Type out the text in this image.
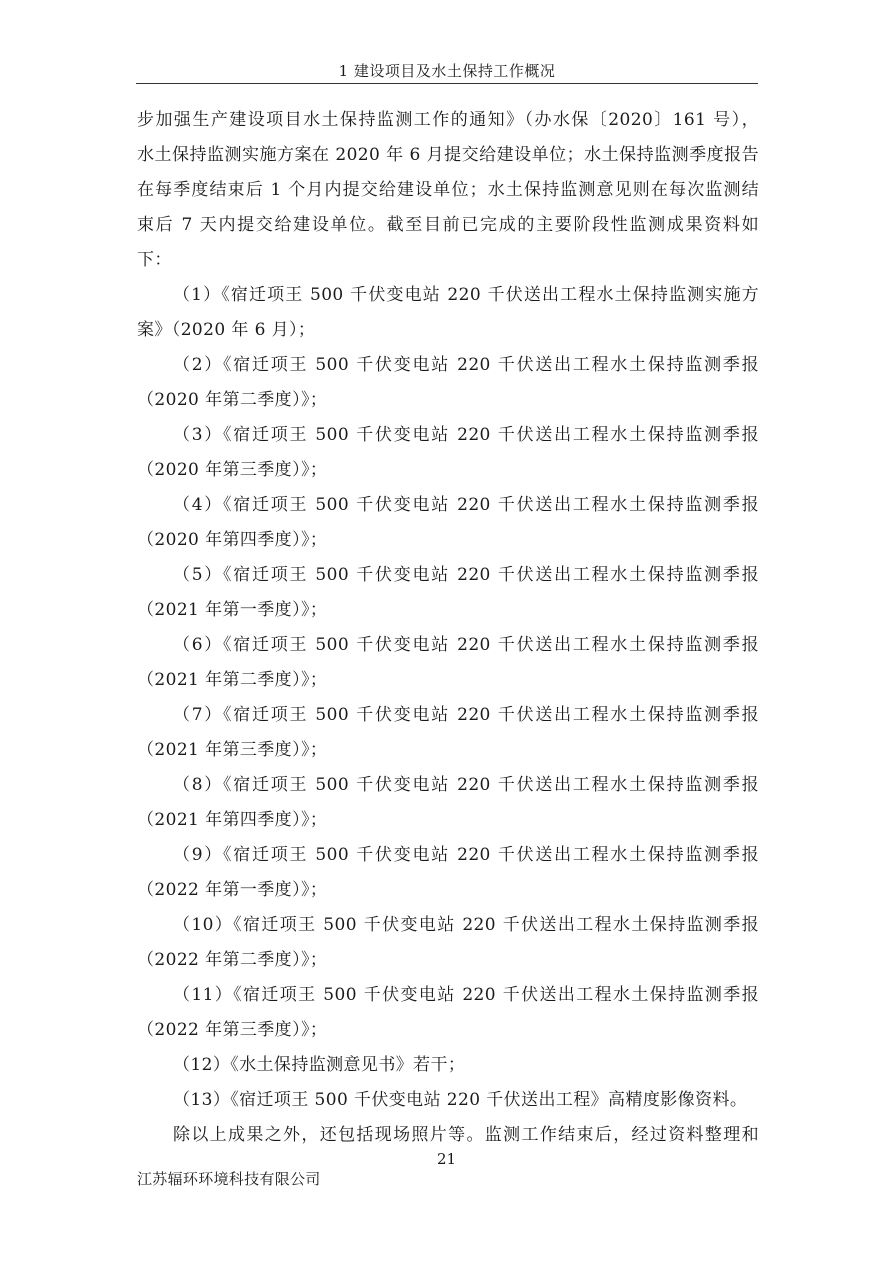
1 建设项目及水土保持工作概况
步加强生产建设项目水土保持监测工作的通知》（办水保〔2020〕161 号），
水土保持监测实施方案在 2020 年 6 月提交给建设单位；水土保持监测季度报告
在每季度结束后 1 个月内提交给建设单位；水土保持监测意见则在每次监测结
束后 7 天内提交给建设单位。截至目前已完成的主要阶段性监测成果资料如
下：
（1）《宿迁项王 500 千伏变电站 220 千伏送出工程水土保持监测实施方
案》（2020 年 6 月）；
（2）《宿迁项王 500 千伏变电站 220 千伏送出工程水土保持监测季报
（2020 年第二季度）》；
（3）《宿迁项王 500 千伏变电站 220 千伏送出工程水土保持监测季报
（2020 年第三季度）》；
（4）《宿迁项王 500 千伏变电站 220 千伏送出工程水土保持监测季报
（2020 年第四季度）》；
（5）《宿迁项王 500 千伏变电站 220 千伏送出工程水土保持监测季报
（2021 年第一季度）》；
（6）《宿迁项王 500 千伏变电站 220 千伏送出工程水土保持监测季报
（2021 年第二季度）》；
（7）《宿迁项王 500 千伏变电站 220 千伏送出工程水土保持监测季报
（2021 年第三季度）》；
（8）《宿迁项王 500 千伏变电站 220 千伏送出工程水土保持监测季报
（2021 年第四季度）》；
（9）《宿迁项王 500 千伏变电站 220 千伏送出工程水土保持监测季报
（2022 年第一季度）》；
（10）《宿迁项王 500 千伏变电站 220 千伏送出工程水土保持监测季报
（2022 年第二季度）》；
（11）《宿迁项王 500 千伏变电站 220 千伏送出工程水土保持监测季报
（2022 年第三季度）》；
（12）《水土保持监测意见书》若干；
（13）《宿迁项王 500 千伏变电站 220 千伏送出工程》高精度影像资料。
除以上成果之外，还包括现场照片等。监测工作结束后，经过资料整理和
21
江苏辐环环境科技有限公司
